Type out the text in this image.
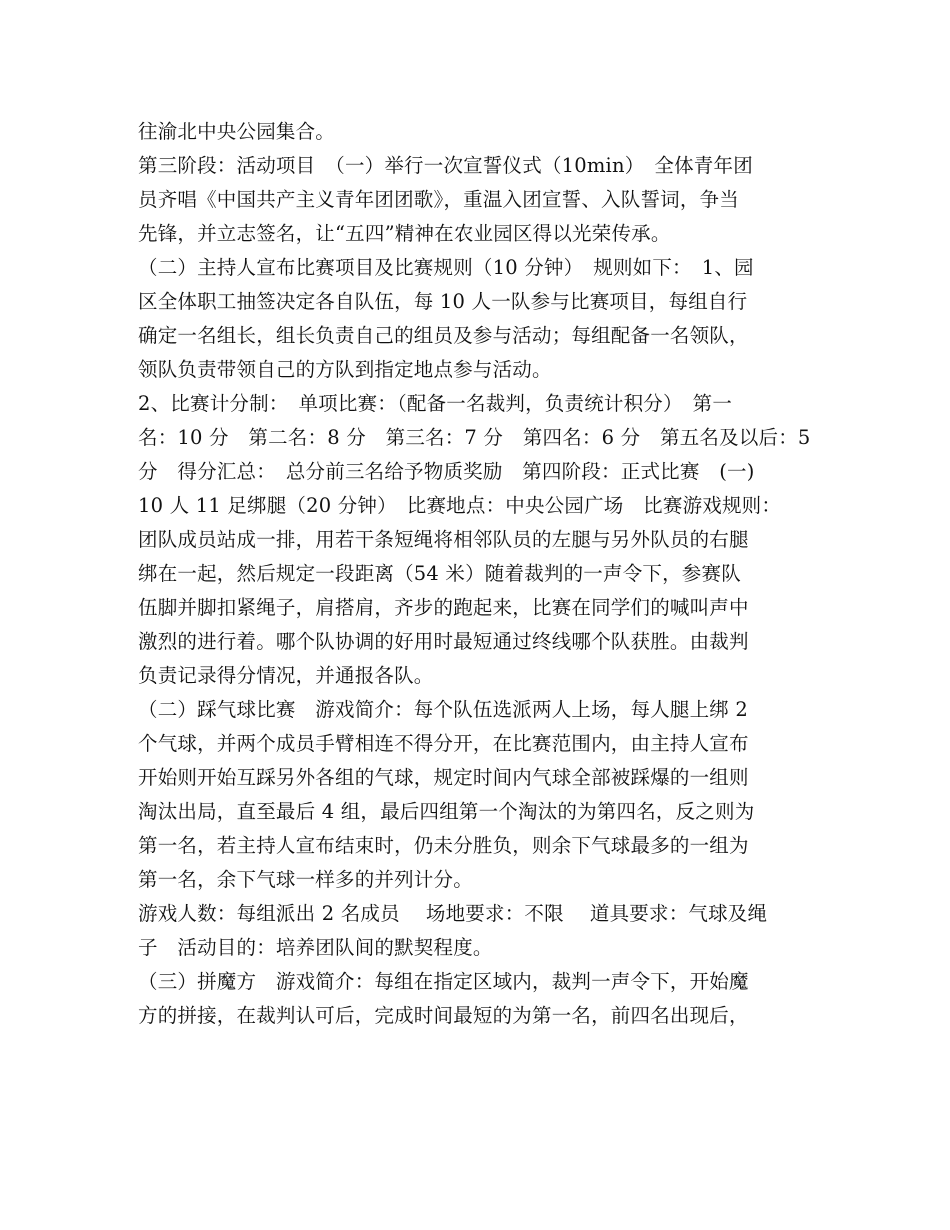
往渝北中央公园集合。
第三阶段：活动项目　（一）举行一次宣誓仪式（10min）　全体青年团
员齐唱《中国共产主义青年团团歌》，重温入团宣誓、入队誓词，争当
先锋，并立志签名，让“五四”精神在农业园区得以光荣传承。
（二）主持人宣布比赛项目及比赛规则（10 分钟）　规则如下：　1、园
区全体职工抽签决定各自队伍，每 10 人一队参与比赛项目，每组自行
确定一名组长，组长负责自己的组员及参与活动；每组配备一名领队，
领队负责带领自己的方队到指定地点参与活动。
2、比赛计分制：　单项比赛：（配备一名裁判，负责统计积分）　第一
名：10 分　第二名：8 分　第三名：7 分　第四名：6 分　第五名及以后：5
分　得分汇总：　总分前三名给予物质奖励　第四阶段：正式比赛　(一)
10 人 11 足绑腿（20 分钟）　比赛地点：中央公园广场　比赛游戏规则：
团队成员站成一排，用若干条短绳将相邻队员的左腿与另外队员的右腿
绑在一起，然后规定一段距离（54 米）随着裁判的一声令下，参赛队
伍脚并脚扣紧绳子，肩搭肩，齐步的跑起来，比赛在同学们的喊叫声中
激烈的进行着。哪个队协调的好用时最短通过终线哪个队获胜。由裁判
负责记录得分情况，并通报各队。
（二）踩气球比赛　游戏简介：每个队伍选派两人上场，每人腿上绑 2
个气球，并两个成员手臂相连不得分开，在比赛范围内，由主持人宣布
开始则开始互踩另外各组的气球，规定时间内气球全部被踩爆的一组则
淘汰出局，直至最后 4 组，最后四组第一个淘汰的为第四名，反之则为
第一名，若主持人宣布结束时，仍未分胜负，则余下气球最多的一组为
第一名，余下气球一样多的并列计分。
游戏人数：每组派出 2 名成员　 场地要求：不限　 道具要求：气球及绳
子　活动目的：培养团队间的默契程度。
（三）拼魔方　游戏简介：每组在指定区域内，裁判一声令下，开始魔
方的拼接，在裁判认可后，完成时间最短的为第一名，前四名出现后，
